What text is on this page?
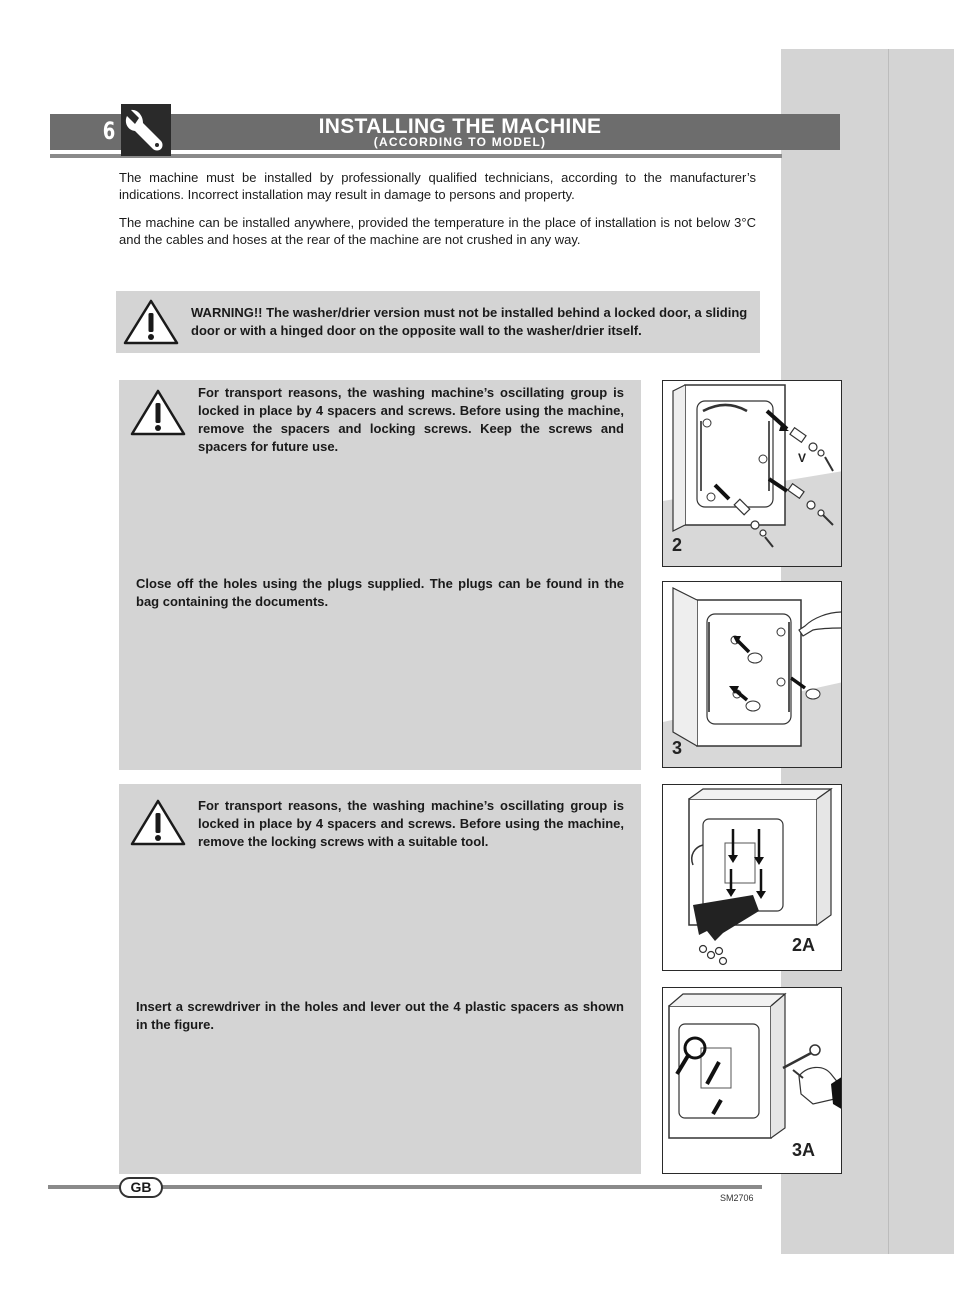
6	INSTALLING THE MACHINE
(ACCORDING TO MODEL)

The machine must be installed by professionally qualified technicians, according to the manufacturer’s indications. Incorrect installation may result in damage to persons and property.

The machine can be installed anywhere, provided the temperature in the place of installation is not below 3°C and the cables and hoses at the rear of the machine are not crushed in any way.

WARNING!! The washer/drier version must not be installed behind a locked door, a sliding door or with a hinged door on the opposite wall to the washer/drier itself.

For transport reasons, the washing machine’s oscillating group is locked in place by 4 spacers and screws. Before using the machine, remove the spacers and locking screws. Keep the screws and spacers for future use.

Close off the holes using the plugs supplied. The plugs can be found in the bag containing the documents.

For transport reasons, the washing machine’s oscillating group is locked in place by 4 spacers and screws. Before using the machine, remove the locking screws with a suitable tool.

Insert a screwdriver in the holes and lever out the 4 plastic spacers as shown in the figure.

V
2
3
2A
3A
GB
SM2706
